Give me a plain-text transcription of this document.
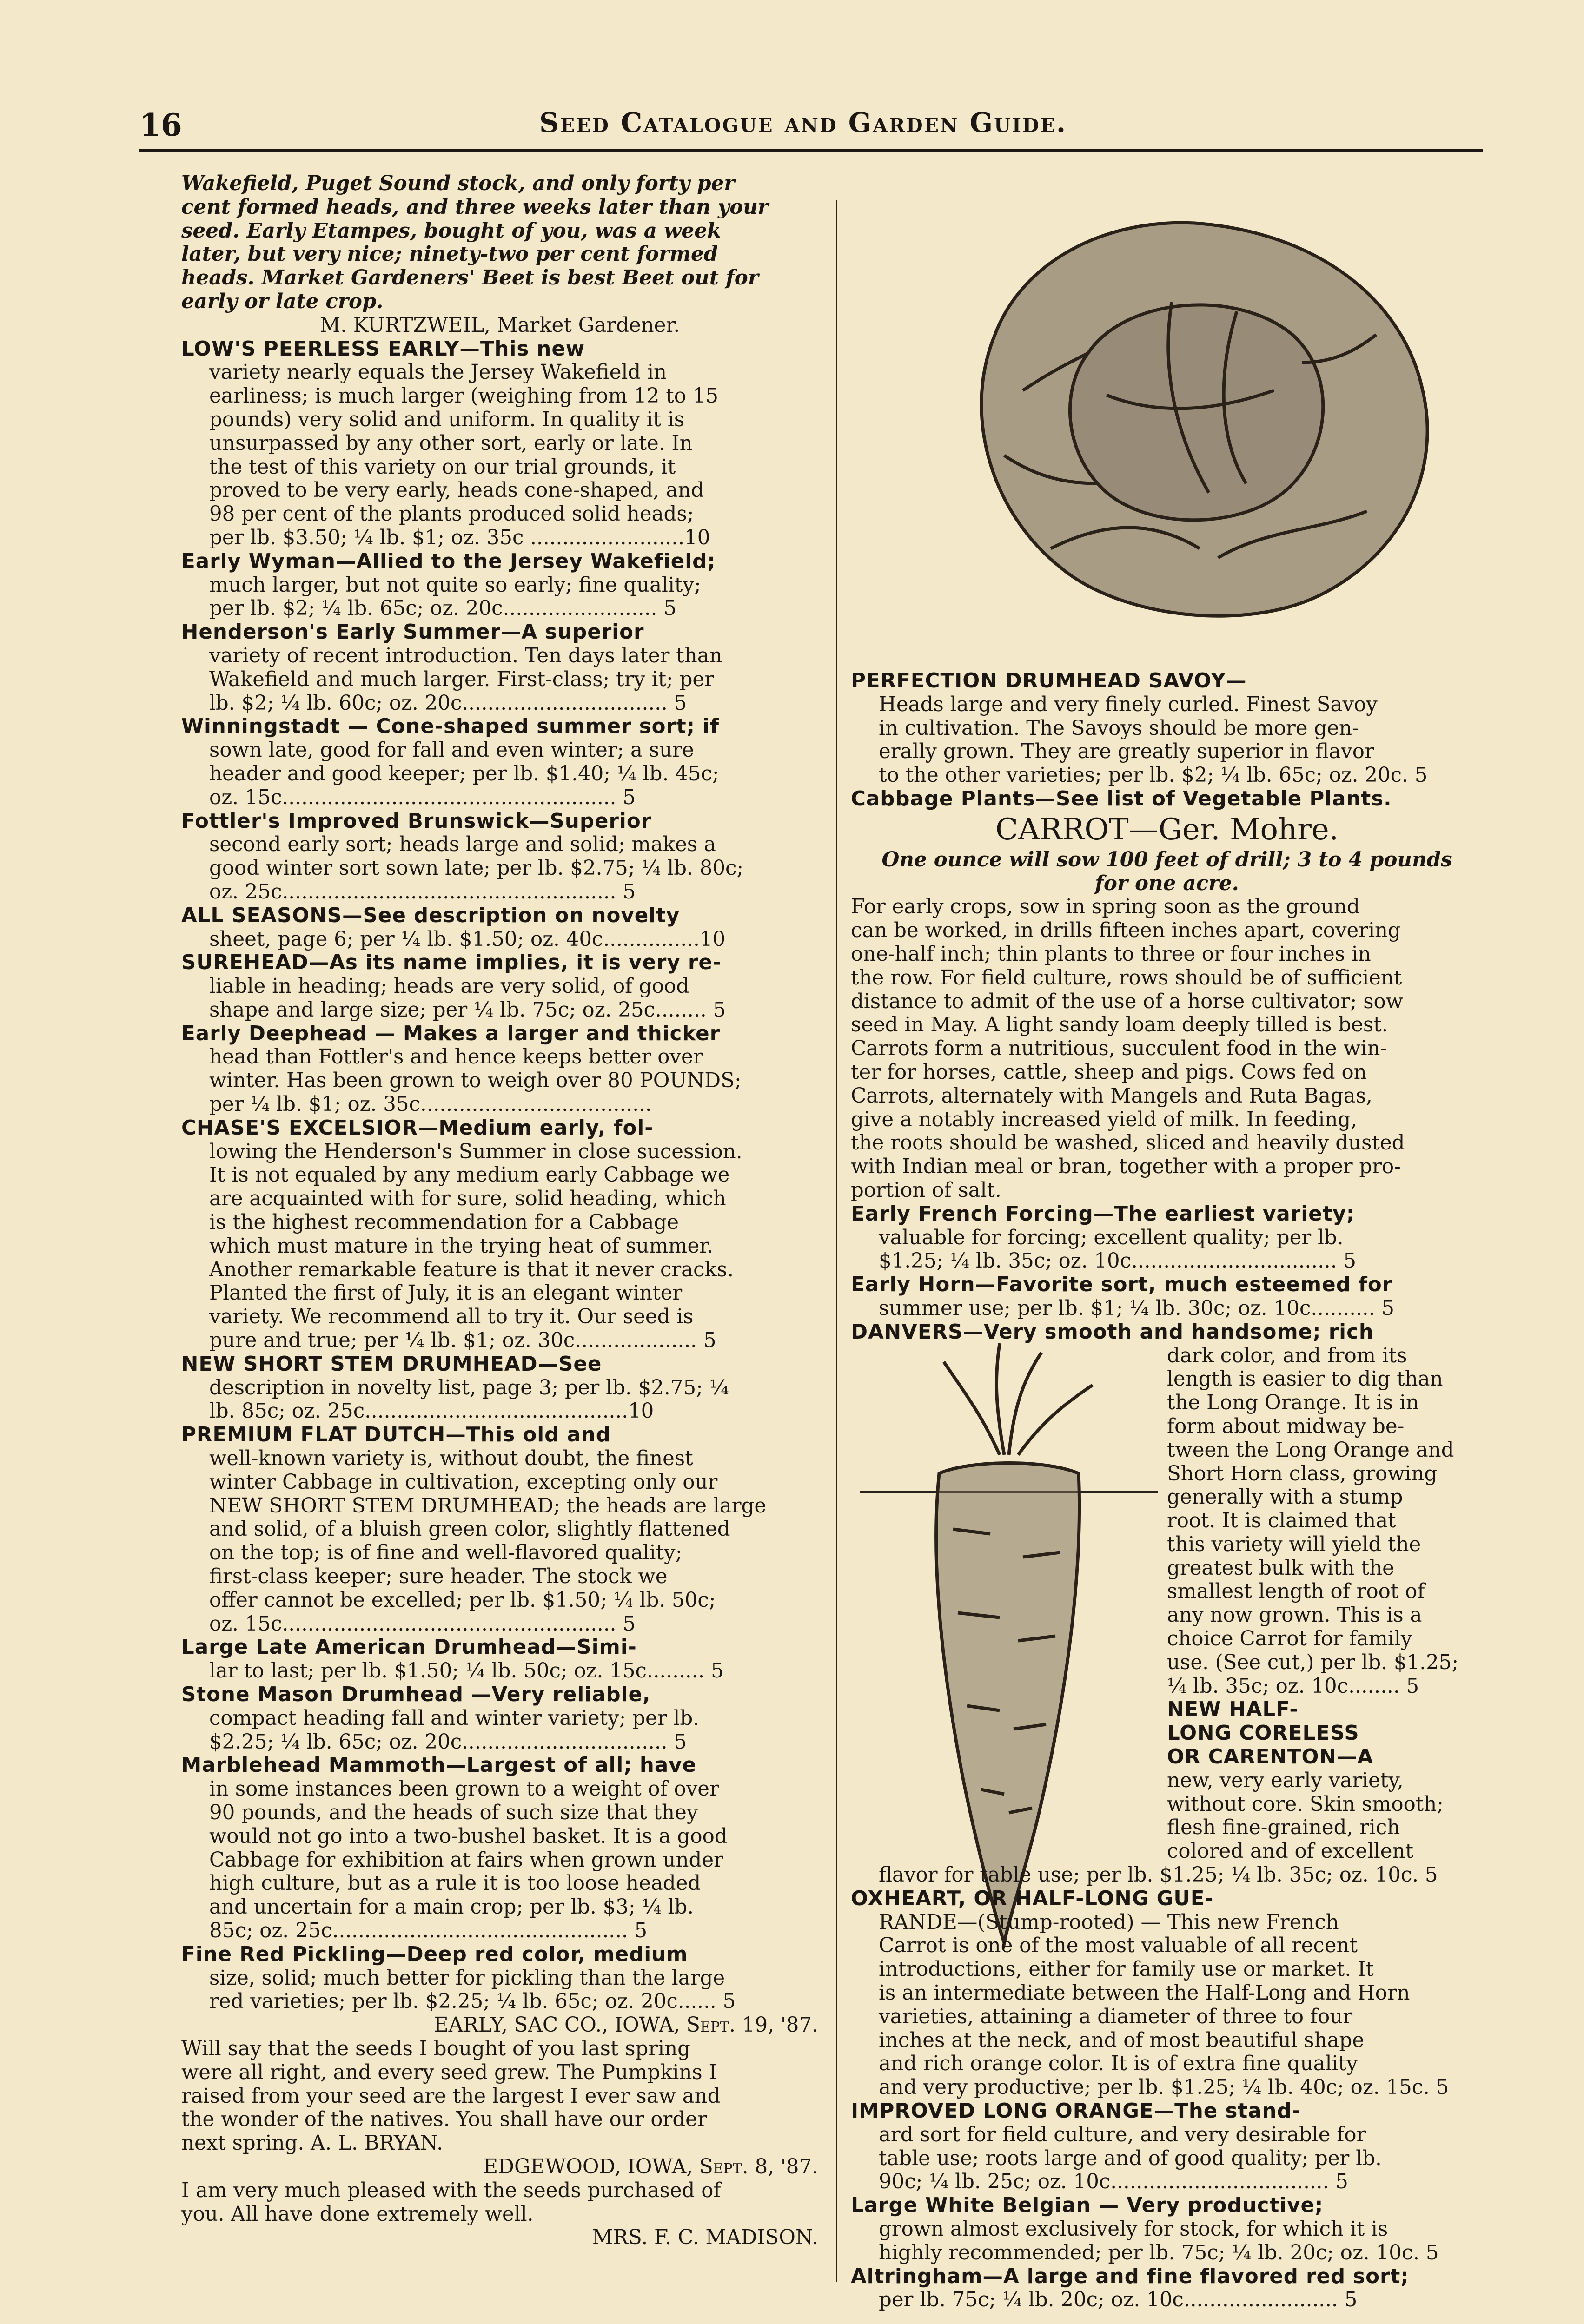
16	Seed Catalogue and Garden Guide.
Wakefield, Puget Sound stock, and only forty per
cent formed heads, and three weeks later than your
seed. Early Etampes, bought of you, was a week
later, but very nice; ninety-two per cent formed
heads. Market Gardeners' Beet is best Beet out for
early or late crop.
M. KURTZWEIL, Market Gardener.
LOW'S PEERLESS EARLY—This new
variety nearly equals the Jersey Wakefield in
earliness; is much larger (weighing from 12 to 15
pounds) very solid and uniform. In quality it is
unsurpassed by any other sort, early or late. In
the test of this variety on our trial grounds, it
proved to be very early, heads cone-shaped, and
98 per cent of the plants produced solid heads;
per lb. $3.50; ¼ lb. $1; oz. 35c ........................10
Early Wyman—Allied to the Jersey Wakefield;
much larger, but not quite so early; fine quality;
per lb. $2; ¼ lb. 65c; oz. 20c........................ 5
Henderson's Early Summer—A superior
variety of recent introduction. Ten days later than
Wakefield and much larger. First-class; try it; per
lb. $2; ¼ lb. 60c; oz. 20c................................ 5
Winningstadt — Cone-shaped summer sort; if
sown late, good for fall and even winter; a sure
header and good keeper; per lb. $1.40; ¼ lb. 45c;
oz. 15c.................................................... 5
Fottler's Improved Brunswick—Superior
second early sort; heads large and solid; makes a
good winter sort sown late; per lb. $2.75; ¼ lb. 80c;
oz. 25c.................................................... 5
ALL SEASONS—See description on novelty
sheet, page 6; per ¼ lb. $1.50; oz. 40c...............10
SUREHEAD—As its name implies, it is very re-
liable in heading; heads are very solid, of good
shape and large size; per ¼ lb. 75c; oz. 25c........ 5
Early Deephead — Makes a larger and thicker
head than Fottler's and hence keeps better over
winter. Has been grown to weigh over 80 POUNDS;
per ¼ lb. $1; oz. 35c....................................
CHASE'S EXCELSIOR—Medium early, fol-
lowing the Henderson's Summer in close sucession.
It is not equaled by any medium early Cabbage we
are acquainted with for sure, solid heading, which
is the highest recommendation for a Cabbage
which must mature in the trying heat of summer.
Another remarkable feature is that it never cracks.
Planted the first of July, it is an elegant winter
variety. We recommend all to try it. Our seed is
pure and true; per ¼ lb. $1; oz. 30c................... 5
NEW SHORT STEM DRUMHEAD—See
description in novelty list, page 3; per lb. $2.75; ¼
lb. 85c; oz. 25c.........................................10
PREMIUM FLAT DUTCH—This old and
well-known variety is, without doubt, the finest
winter Cabbage in cultivation, excepting only our
NEW SHORT STEM DRUMHEAD; the heads are large
and solid, of a bluish green color, slightly flattened
on the top; is of fine and well-flavored quality;
first-class keeper; sure header. The stock we
offer cannot be excelled; per lb. $1.50; ¼ lb. 50c;
oz. 15c.................................................... 5
Large Late American Drumhead—Simi-
lar to last; per lb. $1.50; ¼ lb. 50c; oz. 15c......... 5
Stone Mason Drumhead —Very reliable,
compact heading fall and winter variety; per lb.
$2.25; ¼ lb. 65c; oz. 20c................................ 5
Marblehead Mammoth—Largest of all; have
in some instances been grown to a weight of over
90 pounds, and the heads of such size that they
would not go into a two-bushel basket. It is a good
Cabbage for exhibition at fairs when grown under
high culture, but as a rule it is too loose headed
and uncertain for a main crop; per lb. $3; ¼ lb.
85c; oz. 25c.............................................. 5
Fine Red Pickling—Deep red color, medium
size, solid; much better for pickling than the large
red varieties; per lb. $2.25; ¼ lb. 65c; oz. 20c...... 5
EARLY, SAC CO., IOWA, Sept. 19, '87.
Will say that the seeds I bought of you last spring
were all right, and every seed grew. The Pumpkins I
raised from your seed are the largest I ever saw and
the wonder of the natives. You shall have our order
next spring. A. L. BRYAN.
EDGEWOOD, IOWA, Sept. 8, '87.
I am very much pleased with the seeds purchased of
you. All have done extremely well.
MRS. F. C. MADISON.
PERFECTION DRUMHEAD SAVOY—
Heads large and very finely curled. Finest Savoy
in cultivation. The Savoys should be more gen-
erally grown. They are greatly superior in flavor
to the other varieties; per lb. $2; ¼ lb. 65c; oz. 20c. 5
Cabbage Plants—See list of Vegetable Plants.
CARROT—Ger. Mohre.
One ounce will sow 100 feet of drill; 3 to 4 pounds
for one acre.
For early crops, sow in spring soon as the ground
can be worked, in drills fifteen inches apart, covering
one-half inch; thin plants to three or four inches in
the row. For field culture, rows should be of sufficient
distance to admit of the use of a horse cultivator; sow
seed in May. A light sandy loam deeply tilled is best.
Carrots form a nutritious, succulent food in the win-
ter for horses, cattle, sheep and pigs. Cows fed on
Carrots, alternately with Mangels and Ruta Bagas,
give a notably increased yield of milk. In feeding,
the roots should be washed, sliced and heavily dusted
with Indian meal or bran, together with a proper pro-
portion of salt.
Early French Forcing—The earliest variety;
valuable for forcing; excellent quality; per lb.
$1.25; ¼ lb. 35c; oz. 10c................................ 5
Early Horn—Favorite sort, much esteemed for
summer use; per lb. $1; ¼ lb. 30c; oz. 10c.......... 5
DANVERS—Very smooth and handsome; rich
dark color, and from its
length is easier to dig than
the Long Orange. It is in
form about midway be-
tween the Long Orange and
Short Horn class, growing
generally with a stump
root. It is claimed that
this variety will yield the
greatest bulk with the
smallest length of root of
any now grown. This is a
choice Carrot for family
use. (See cut,) per lb. $1.25;
¼ lb. 35c; oz. 10c........ 5
NEW HALF-
LONG CORELESS
OR CARENTON—A
new, very early variety,
without core. Skin smooth;
flesh fine-grained, rich
colored and of excellent
flavor for table use; per lb. $1.25; ¼ lb. 35c; oz. 10c. 5
OXHEART, OR HALF-LONG GUE-
RANDE—(Stump-rooted) — This new French
Carrot is one of the most valuable of all recent
introductions, either for family use or market. It
is an intermediate between the Half-Long and Horn
varieties, attaining a diameter of three to four
inches at the neck, and of most beautiful shape
and rich orange color. It is of extra fine quality
and very productive; per lb. $1.25; ¼ lb. 40c; oz. 15c. 5
IMPROVED LONG ORANGE—The stand-
ard sort for field culture, and very desirable for
table use; roots large and of good quality; per lb.
90c; ¼ lb. 25c; oz. 10c.................................. 5
Large White Belgian — Very productive;
grown almost exclusively for stock, for which it is
highly recommended; per lb. 75c; ¼ lb. 20c; oz. 10c. 5
Altringham—A large and fine flavored red sort;
per lb. 75c; ¼ lb. 20c; oz. 10c........................ 5
